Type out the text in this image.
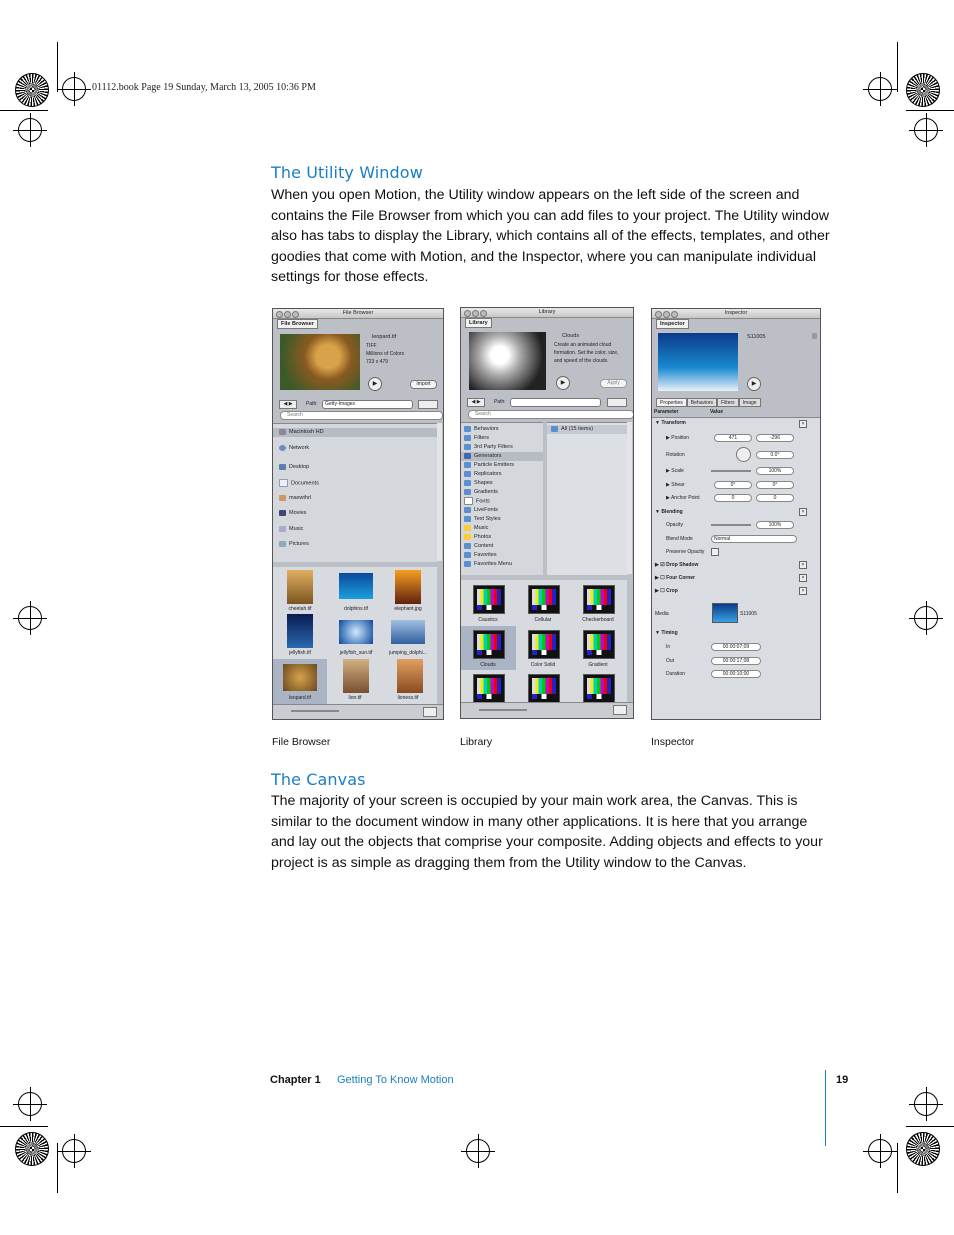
01112.book Page 19 Sunday, March 13, 2005 10:36 PM
The Utility Window
When you open Motion, the Utility window appears on the left side of the screen and contains the File Browser from which you can add files to your project. The Utility window also has tabs to display the Library, which contains all of the effects, templates, and other goodies that come with Motion, and the Inspector, where you can manipulate individual settings for those effects.
File Browser
File Browser
leopard.tif
TIFF
Millions of Colors
723 x 479
▶	Import
◀ ▶	Path:	Getty-Images
Search
Macintosh HD
Network
Desktop
Documents
maxwthrl
Movies
Music
Pictures
cheetah.tif	dolphins.tif	elephant.jpg
jellyfish.tif	jellyfish_sun.tif	jumping_dolphi...
leopard.tif	lion.tif	lioness.tif
Library
Library
Clouds
Create an animated cloud formation. Set the color, size, and speed of the clouds.
▶	Apply
◀ ▶	Path:
Search
Behaviors
Filters
3rd Party Filters
Generators
Particle Emitters
Replicators
Shapes
Gradients
Fonts
LiveFonts
Text Styles
Music
Photos
Content
Favorites
Favorites Menu
All (15 items)
Caustics	Cellular	Checkerboard
Clouds	Color Solid	Gradient
Inspector
Inspector
S11005
▶
Properties	Behaviors	Filters	Image
Parameter	Value
▼ Transform	×
▶ Position	471	-296
Rotation	0.0°
▶ Scale	100%
▶ Shear	0°	0°
▶ Anchor Point	0	0
▼ Blending	×
Opacity	100%
Blend Mode	Normal
Preserve Opacity
▶ ☑ Drop Shadow	×
▶ ☐ Four Corner	×
▶ ☐ Crop	×
Media	S11005
▼ Timing
In	00:00:07;09
Out	00:00:17;08
Duration	00:00:10;00
File Browser	Library	Inspector
The Canvas
The majority of your screen is occupied by your main work area, the Canvas. This is similar to the document window in many other applications. It is here that you arrange and lay out the objects that comprise your composite. Adding objects and effects to your project is as simple as dragging them from the Utility window to the Canvas.
Chapter 1 Getting To Know Motion	19
